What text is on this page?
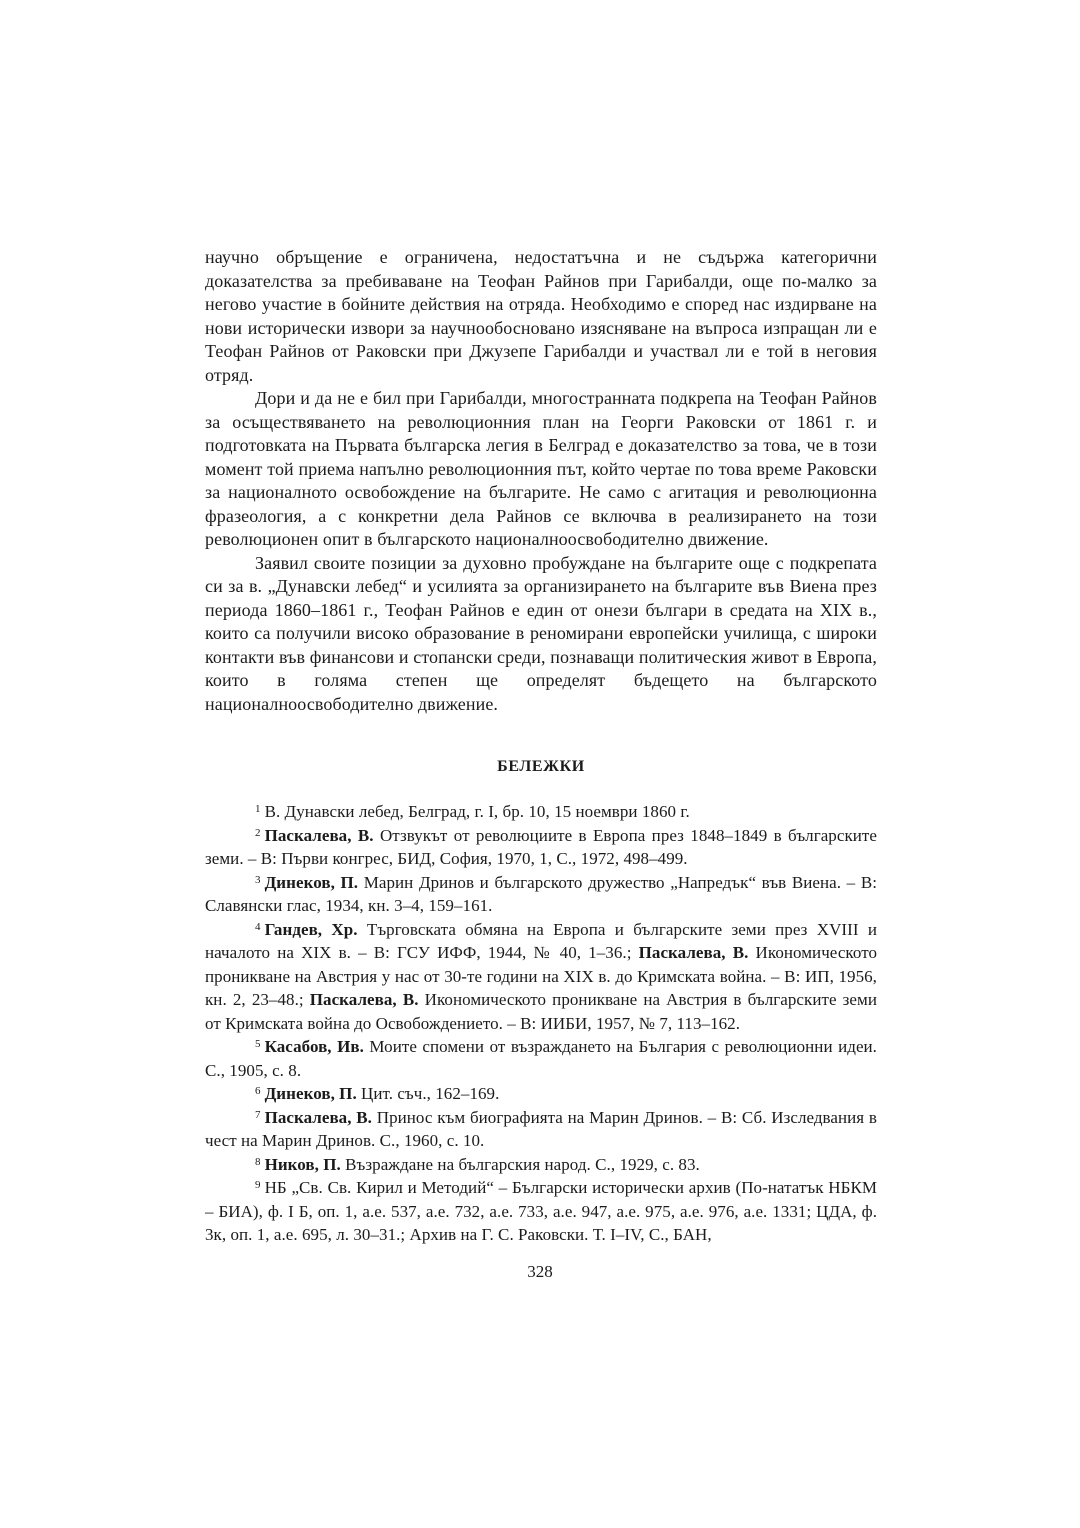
научно обръщение е ограничена, недостатъчна и не съдържа категорични доказателства за пребиваване на Теофан Райнов при Гарибалди, още по-малко за негово участие в бойните действия на отряда. Необходимо е според нас издирване на нови исторически извори за научнообосновано изясняване на въпроса изпращан ли е Теофан Райнов от Раковски при Джузепе Гарибалди и участвал ли е той в неговия отряд.

Дори и да не е бил при Гарибалди, многостранната подкрепа на Теофан Райнов за осъществяването на революционния план на Георги Раковски от 1861 г. и подготовката на Първата българска легия в Белград е доказателство за това, че в този момент той приема напълно революционния път, който чертае по това време Раковски за националното освобождение на българите. Не само с агитация и революционна фразеология, а с конкретни дела Райнов се включва в реализирането на този революционен опит в българското националноосвободително движение.

Заявил своите позиции за духовно пробуждане на българите още с подкрепата си за в. „Дунавски лебед“ и усилията за организирането на българите във Виена през периода 1860–1861 г., Теофан Райнов е един от онези българи в средата на XIX в., които са получили високо образование в реномирани европейски училища, с широки контакти във финансови и стопански среди, познаващи политическия живот в Европа, които в голяма степен ще определят бъдещето на българското националноосвободително движение.

БЕЛЕЖКИ

$^1$ В. Дунавски лебед, Белград, г. I, бр. 10, 15 ноември 1860 г.

$^2$ Паскалева, В. Отзвукът от революциите в Европа през 1848–1849 в българските земи. – В: Първи конгрес, БИД, София, 1970, 1, С., 1972, 498–499.

$^3$ Динеков, П. Марин Дринов и българското дружество „Напредък“ във Виена. – В: Славянски глас, 1934, кн. 3–4, 159–161.

$^4$ Гандев, Хр. Търговската обмяна на Европа и българските земи през XVIII и началото на XIX в. – В: ГСУ ИФФ, 1944, № 40, 1–36.; Паскалева, В. Икономическото проникване на Австрия у нас от 30-те години на XIX в. до Кримската война. – В: ИП, 1956, кн. 2, 23–48.; Паскалева, В. Икономическото проникване на Австрия в българските земи от Кримската война до Освобождението. – В: ИИБИ, 1957, № 7, 113–162.

$^5$ Касабов, Ив. Моите спомени от възраждането на България с революционни идеи. С., 1905, с. 8.

$^6$ Динеков, П. Цит. съч., 162–169.

$^7$ Паскалева, В. Принос към биографията на Марин Дринов. – В: Сб. Изследвания в чест на Марин Дринов. С., 1960, с. 10.

$^8$ Ников, П. Възраждане на българския народ. С., 1929, с. 83.

$^9$ НБ „Св. Св. Кирил и Методий“ – Български исторически архив (По-нататък НБКМ – БИА), ф. I Б, оп. 1, а.е. 537, а.е. 732, а.е. 733, а.е. 947, а.е. 975, а.е. 976, а.е. 1331; ЦДА, ф. 3к, оп. 1, а.е. 695, л. 30–31.; Архив на Г. С. Раковски. Т. I–IV, С., БАН,

328
